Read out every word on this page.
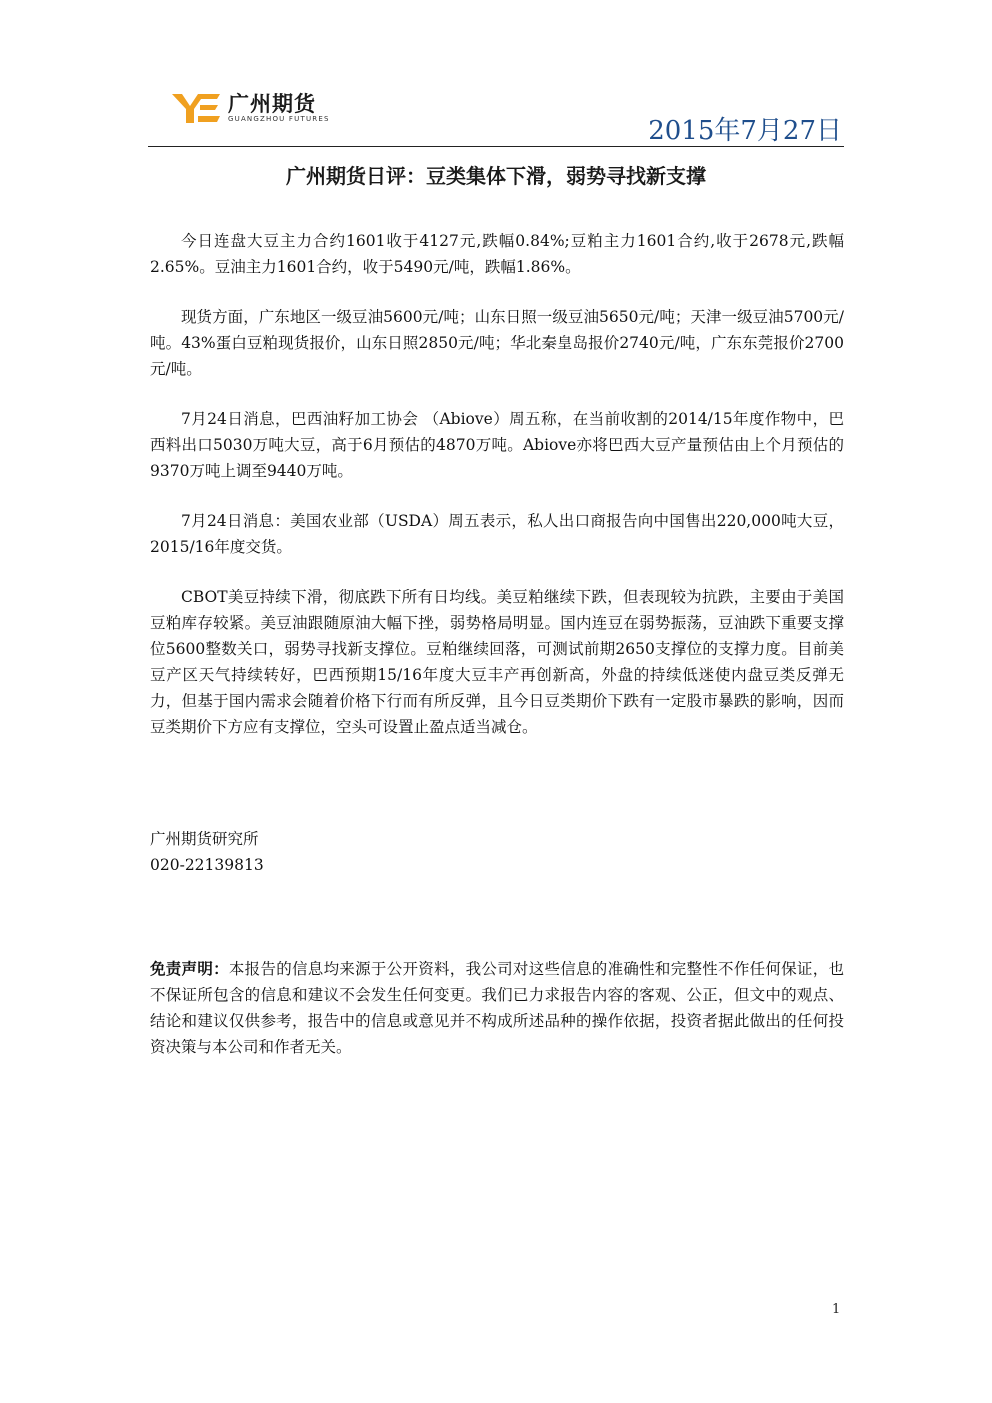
广州期货
GUANGZHOU FUTURES	2015年7月27日
广州期货日评：豆类集体下滑，弱势寻找新支撑

今日连盘大豆主力合约1601收于4127元,跌幅0.84%;豆粕主力1601合约,收于2678元,跌幅2.65%。豆油主力1601合约，收于5490元/吨，跌幅1.86%。

现货方面，广东地区一级豆油5600元/吨；山东日照一级豆油5650元/吨；天津一级豆油5700元/吨。43%蛋白豆粕现货报价，山东日照2850元/吨；华北秦皇岛报价2740元/吨，广东东莞报价2700元/吨。

7月24日消息，巴西油籽加工协会 （Abiove）周五称，在当前收割的2014/15年度作物中，巴西料出口5030万吨大豆，高于6月预估的4870万吨。Abiove亦将巴西大豆产量预估由上个月预估的9370万吨上调至9440万吨。

7月24日消息：美国农业部（USDA）周五表示，私人出口商报告向中国售出220,000吨大豆，2015/16年度交货。

CBOT美豆持续下滑，彻底跌下所有日均线。美豆粕继续下跌，但表现较为抗跌，主要由于美国豆粕库存较紧。美豆油跟随原油大幅下挫，弱势格局明显。国内连豆在弱势振荡，豆油跌下重要支撑位5600整数关口，弱势寻找新支撑位。豆粕继续回落，可测试前期2650支撑位的支撑力度。目前美豆产区天气持续转好，巴西预期15/16年度大豆丰产再创新高，外盘的持续低迷使内盘豆类反弹无力，但基于国内需求会随着价格下行而有所反弹，且今日豆类期价下跌有一定股市暴跌的影响，因而豆类期价下方应有支撑位，空头可设置止盈点适当减仓。

广州期货研究所
020-22139813
免责声明：本报告的信息均来源于公开资料，我公司对这些信息的准确性和完整性不作任何保证，也不保证所包含的信息和建议不会发生任何变更。我们已力求报告内容的客观、公正，但文中的观点、结论和建议仅供参考，报告中的信息或意见并不构成所述品种的操作依据，投资者据此做出的任何投资决策与本公司和作者无关。
1
